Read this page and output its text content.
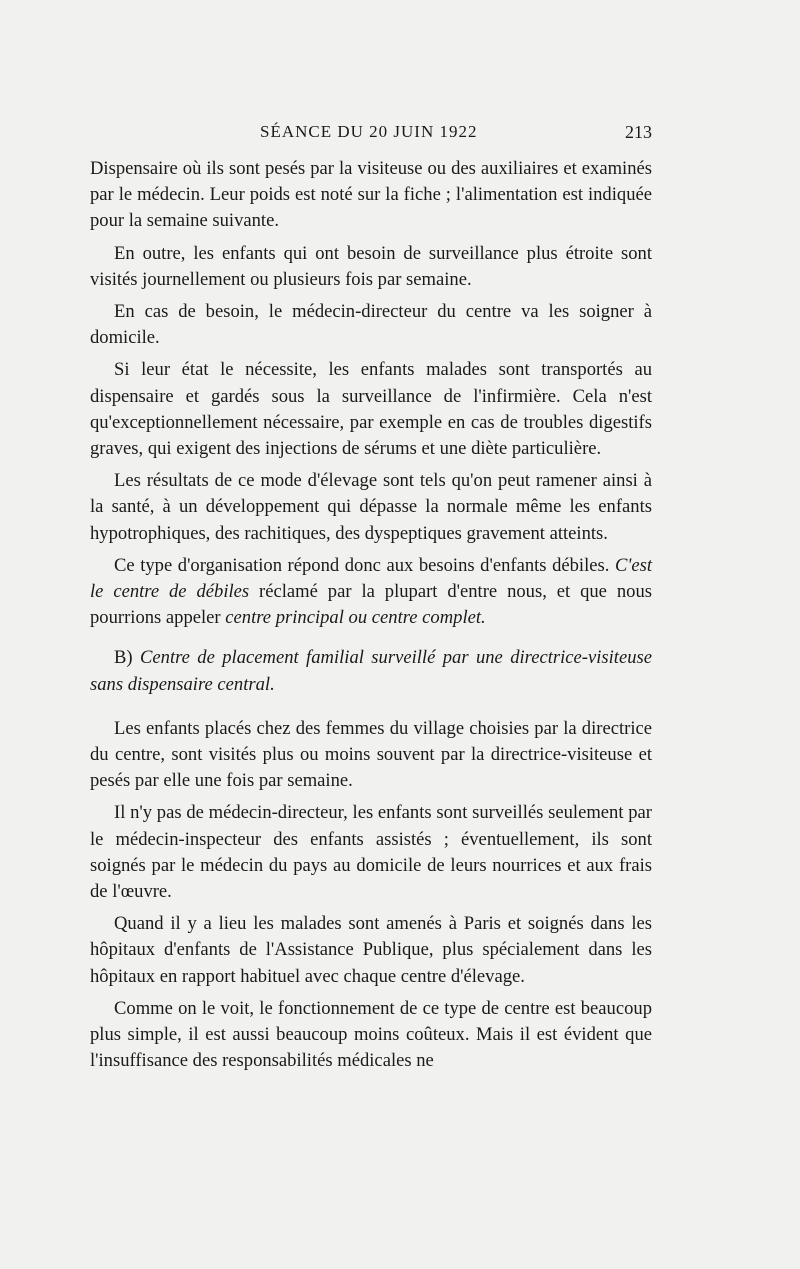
SÉANCE DU 20 JUIN 1922	213

Dispensaire où ils sont pesés par la visiteuse ou des auxiliaires et examinés par le médecin. Leur poids est noté sur la fiche ; l'alimentation est indiquée pour la semaine suivante.

En outre, les enfants qui ont besoin de surveillance plus étroite sont visités journellement ou plusieurs fois par semaine.

En cas de besoin, le médecin-directeur du centre va les soigner à domicile.

Si leur état le nécessite, les enfants malades sont transportés au dispensaire et gardés sous la surveillance de l'infirmière. Cela n'est qu'exceptionnellement nécessaire, par exemple en cas de troubles digestifs graves, qui exigent des injections de sérums et une diète particulière.

Les résultats de ce mode d'élevage sont tels qu'on peut ramener ainsi à la santé, à un développement qui dépasse la normale même les enfants hypotrophiques, des rachitiques, des dyspeptiques gravement atteints.

Ce type d'organisation répond donc aux besoins d'enfants débiles. C'est le centre de débiles réclamé par la plupart d'entre nous, et que nous pourrions appeler centre principal ou centre complet.

B) Centre de placement familial surveillé par une directrice-visiteuse sans dispensaire central.

Les enfants placés chez des femmes du village choisies par la directrice du centre, sont visités plus ou moins souvent par la directrice-visiteuse et pesés par elle une fois par semaine.

Il n'y pas de médecin-directeur, les enfants sont surveillés seulement par le médecin-inspecteur des enfants assistés ; éventuellement, ils sont soignés par le médecin du pays au domicile de leurs nourrices et aux frais de l'œuvre.

Quand il y a lieu les malades sont amenés à Paris et soignés dans les hôpitaux d'enfants de l'Assistance Publique, plus spécialement dans les hôpitaux en rapport habituel avec chaque centre d'élevage.

Comme on le voit, le fonctionnement de ce type de centre est beaucoup plus simple, il est aussi beaucoup moins coûteux. Mais il est évident que l'insuffisance des responsabilités médicales ne
